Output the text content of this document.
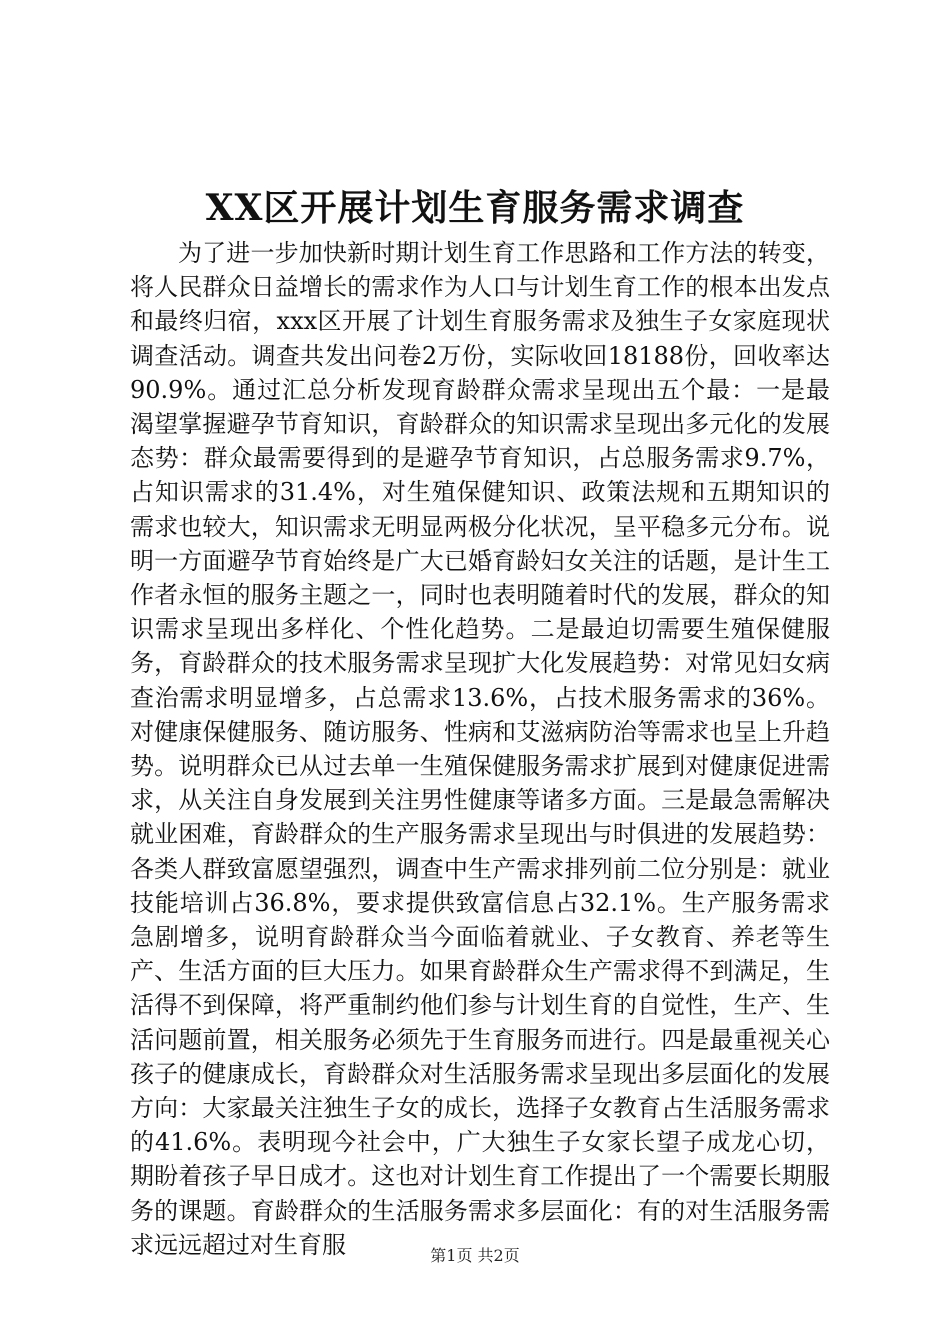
XX区开展计划生育服务需求调查

为了进一步加快新时期计划生育工作思路和工作方法的转变，将人民群众日益增长的需求作为人口与计划生育工作的根本出发点和最终归宿，xxx区开展了计划生育服务需求及独生子女家庭现状调查活动。调查共发出问卷2万份，实际收回18188份，回收率达90.9%。通过汇总分析发现育龄群众需求呈现出五个最：一是最渴望掌握避孕节育知识，育龄群众的知识需求呈现出多元化的发展态势：群众最需要得到的是避孕节育知识，占总服务需求9.7%，占知识需求的31.4%，对生殖保健知识、政策法规和五期知识的需求也较大，知识需求无明显两极分化状况，呈平稳多元分布。说明一方面避孕节育始终是广大已婚育龄妇女关注的话题，是计生工作者永恒的服务主题之一，同时也表明随着时代的发展，群众的知识需求呈现出多样化、个性化趋势。二是最迫切需要生殖保健服务，育龄群众的技术服务需求呈现扩大化发展趋势：对常见妇女病查治需求明显增多，占总需求13.6%，占技术服务需求的36%。对健康保健服务、随访服务、性病和艾滋病防治等需求也呈上升趋势。说明群众已从过去单一生殖保健服务需求扩展到对健康促进需求，从关注自身发展到关注男性健康等诸多方面。三是最急需解决就业困难，育龄群众的生产服务需求呈现出与时俱进的发展趋势：各类人群致富愿望强烈，调查中生产需求排列前二位分别是：就业技能培训占36.8%，要求提供致富信息占32.1%。生产服务需求急剧增多，说明育龄群众当今面临着就业、子女教育、养老等生产、生活方面的巨大压力。如果育龄群众生产需求得不到满足，生活得不到保障，将严重制约他们参与计划生育的自觉性，生产、生活问题前置，相关服务必须先于生育服务而进行。四是最重视关心孩子的健康成长，育龄群众对生活服务需求呈现出多层面化的发展方向：大家最关注独生子女的成长，选择子女教育占生活服务需求的41.6%。表明现今社会中，广大独生子女家长望子成龙心切，期盼着孩子早日成才。这也对计划生育工作提出了一个需要长期服务的课题。育龄群众的生活服务需求多层面化：有的对生活服务需求远远超过对生育服	第1页 共2页
